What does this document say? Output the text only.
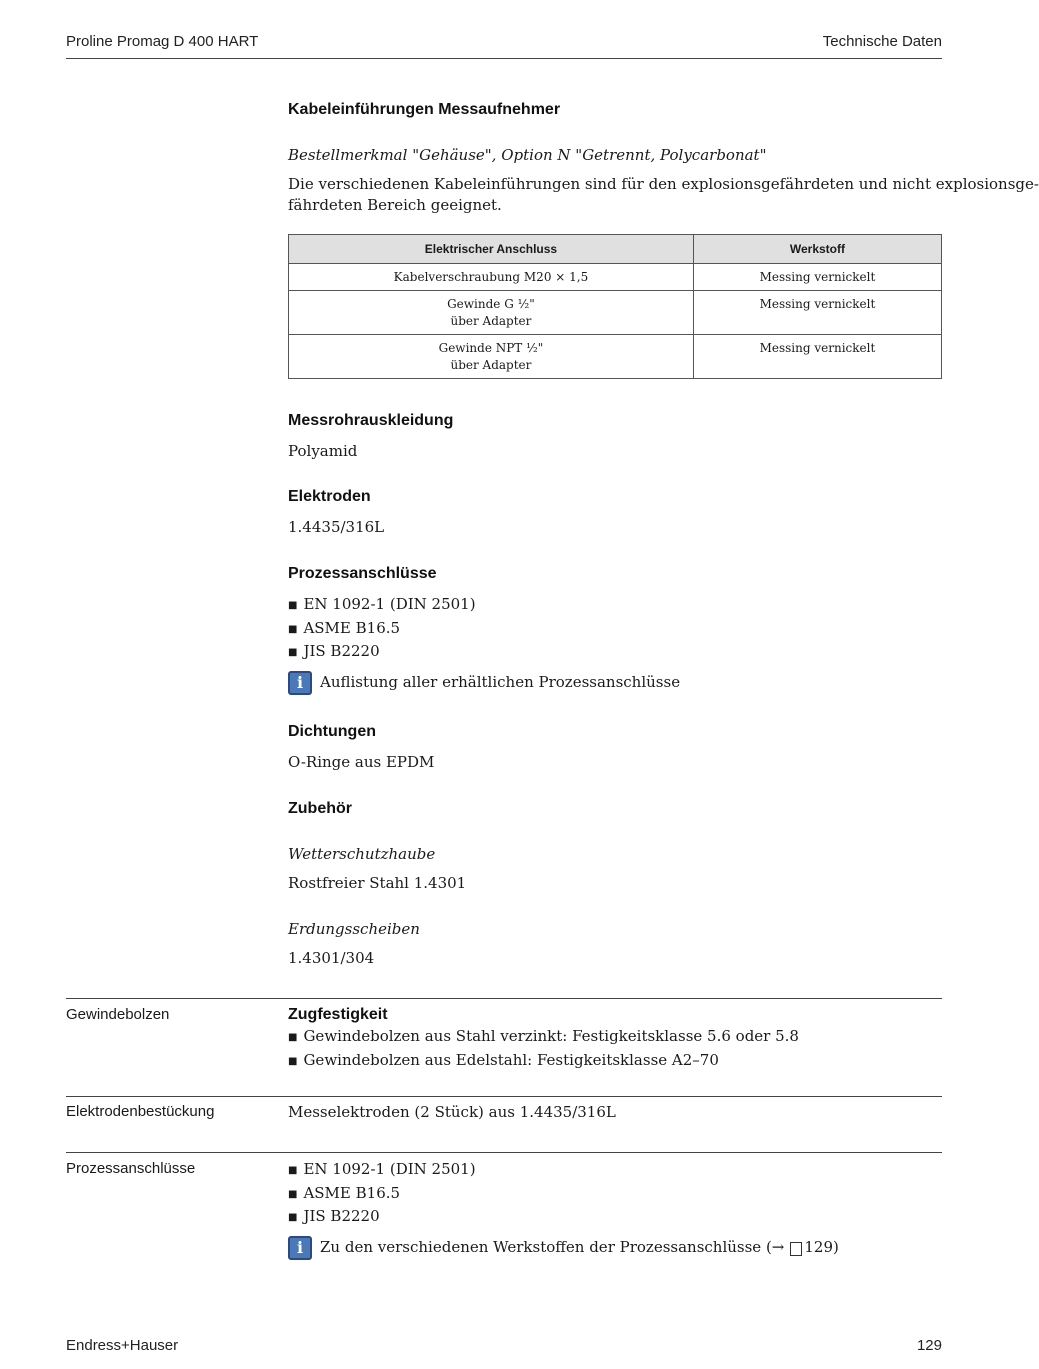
Proline Promag D 400 HART	Technische Daten
Kabeleinführungen Messaufnehmer

Bestellmerkmal "Gehäuse", Option N "Getrennt, Polycarbonat"

Die verschiedenen Kabeleinführungen sind für den explosionsgefährdeten und nicht explosionsge-

fährdeten Bereich geeignet.

Elektrischer Anschluss	Werkstoff
Kabelverschraubung M20 × 1,5	Messing vernickelt
Gewinde G ½"
über Adapter	Messing vernickelt
Gewinde NPT ½"
über Adapter	Messing vernickelt
Messrohrauskleidung

Polyamid

Elektroden

1.4435/316L

Prozessanschlüsse
■ EN 1092-1 (DIN 2501)
■ ASME B16.5
■ JIS B2220
i	Auflistung aller erhältlichen Prozessanschlüsse
Dichtungen

O-Ringe aus EPDM

Zubehör

Wetterschutzhaube

Rostfreier Stahl 1.4301

Erdungsscheiben

1.4301/304

Gewindebolzen	Zugfestigkeit
■ Gewindebolzen aus Stahl verzinkt: Festigkeitsklasse 5.6 oder 5.8
■ Gewindebolzen aus Edelstahl: Festigkeitsklasse A2–70
Elektrodenbestückung	Messelektroden (2 Stück) aus 1.4435/316L

Prozessanschlüsse	■ EN 1092-1 (DIN 2501)
■ ASME B16.5
■ JIS B2220
i	Zu den verschiedenen Werkstoffen der Prozessanschlüsse (→ 129)
Endress+Hauser	129
